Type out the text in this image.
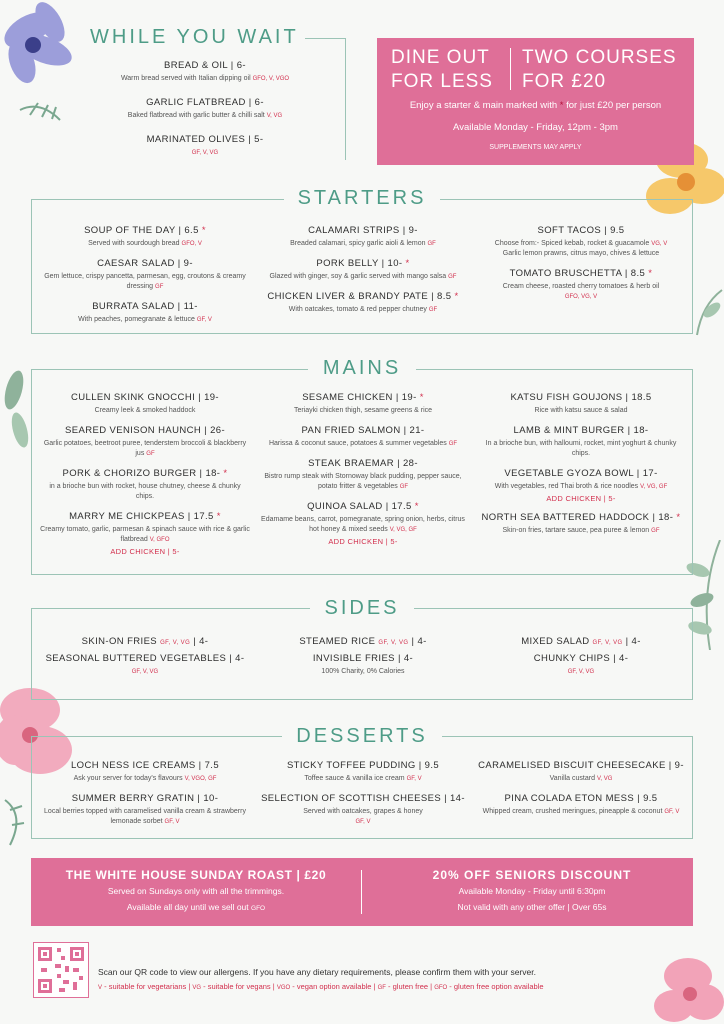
WHILE YOU WAIT
BREAD & OIL | 6-
Warm bread served with Italian dipping oil GFO, V, VGO
GARLIC FLATBREAD | 6-
Baked flatbread with garlic butter & chilli salt V, VG
MARINATED OLIVES | 5-
GF, V, VG
DINE OUT FOR LESS
TWO COURSES FOR £20
Enjoy a starter & main marked with * for just £20 per person
Available Monday - Friday, 12pm - 3pm
SUPPLEMENTS MAY APPLY
STARTERS
SOUP OF THE DAY | 6.5 *
Served with sourdough bread GFO, V
CAESAR SALAD | 9-
Gem lettuce, crispy pancetta, parmesan, egg, croutons & creamy dressing GF
BURRATA SALAD | 11-
With peaches, pomegranate & lettuce GF, V
CALAMARI STRIPS | 9-
Breaded calamari, spicy garlic aioli & lemon GF
PORK BELLY | 10- *
Glazed with ginger, soy & garlic served with mango salsa GF
CHICKEN LIVER & BRANDY PATE | 8.5 *
With oatcakes, tomato & red pepper chutney GF
SOFT TACOS | 9.5
Choose from:- Spiced kebab, rocket & guacamole VG, V
Garlic lemon prawns, citrus mayo, chives & lettuce
TOMATO BRUSCHETTA | 8.5 *
Cream cheese, roasted cherry tomatoes & herb oil
GFO, VG, V
MAINS
CULLEN SKINK GNOCCHI | 19-
Creamy leek & smoked haddock
SEARED VENISON HAUNCH | 26-
Garlic potatoes, beetroot puree, tenderstem broccoli & blackberry jus GF
PORK & CHORIZO BURGER | 18- *
in a brioche bun with rocket, house chutney, cheese & chunky chips.
MARRY ME CHICKPEAS | 17.5 *
Creamy tomato, garlic, parmesan & spinach sauce with rice & garlic flatbread V, GFO
ADD CHICKEN | 5-
SESAME CHICKEN | 19- *
Teriayki chicken thigh, sesame greens & rice
PAN FRIED SALMON | 21-
Harissa & coconut sauce, potatoes & summer vegetables GF
STEAK BRAEMAR | 28-
Bistro rump steak with Stornoway black pudding, pepper sauce, potato fritter & vegetables GF
QUINOA SALAD | 17.5 *
Edamame beans, carrot, pomegranate, spring onion, herbs, citrus hot honey & mixed seeds V, VG, GF
ADD CHICKEN | 5-
KATSU FISH GOUJONS | 18.5
Rice with katsu sauce & salad
LAMB & MINT BURGER | 18-
In a brioche bun, with halloumi, rocket, mint yoghurt & chunky chips.
VEGETABLE GYOZA BOWL | 17-
With vegetables, red Thai broth & rice noodles V, VG, GF
ADD CHICKEN | 5-
NORTH SEA BATTERED HADDOCK | 18- *
Skin-on fries, tartare sauce, pea puree & lemon GF
SIDES
SKIN-ON FRIES GF, V, VG | 4-
SEASONAL BUTTERED VEGETABLES | 4-
GF, V, VG
STEAMED RICE GF, V, VG | 4-
INVISIBLE FRIES | 4-
100% Charity, 0% Calories
MIXED SALAD GF, V, VG | 4-
CHUNKY CHIPS | 4-
GF, V, VG
DESSERTS
LOCH NESS ICE CREAMS | 7.5
Ask your server for today's flavours V, VGO, GF
SUMMER BERRY GRATIN | 10-
Local berries topped with caramelised vanilla cream & strawberry lemonade sorbet GF, V
STICKY TOFFEE PUDDING | 9.5
Toffee sauce & vanilla ice cream GF, V
SELECTION OF SCOTTISH CHEESES | 14-
Served with oatcakes, grapes & honey
GF, V
CARAMELISED BISCUIT CHEESECAKE | 9-
Vanilla custard V, VG
PINA COLADA ETON MESS | 9.5
Whipped cream, crushed meringues, pineapple & coconut GF, V
THE WHITE HOUSE SUNDAY ROAST | £20
Served on Sundays only with all the trimmings.
Available all day until we sell out GFO
20% OFF SENIORS DISCOUNT
Available Monday - Friday until 6:30pm
Not valid with any other offer | Over 65s
Scan our QR code to view our allergens. If you have any dietary requirements, please confirm them with your server.
V - suitable for vegetarians | VG - suitable for vegans | VGO - vegan option available | GF - gluten free | GFO - gluten free option available
